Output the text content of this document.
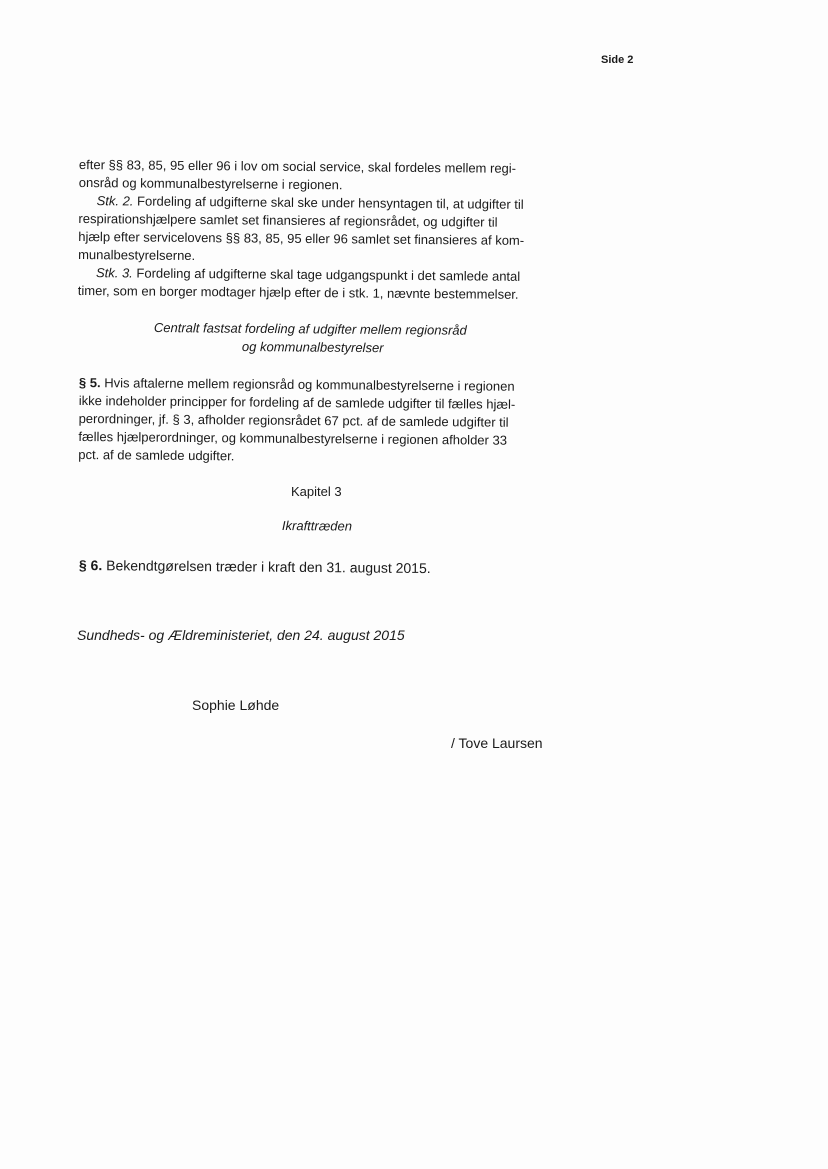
Side 2

efter §§ 83, 85, 95 eller 96 i lov om social service, skal fordeles mellem regi-
onsråd og kommunalbestyrelserne i regionen.

Stk. 2. Fordeling af udgifterne skal ske under hensyntagen til, at udgifter til
respirationshjælpere samlet set finansieres af regionsrådet, og udgifter til
hjælp efter servicelovens §§ 83, 85, 95 eller 96 samlet set finansieres af kom-
munalbestyrelserne.

Stk. 3. Fordeling af udgifterne skal tage udgangspunkt i det samlede antal
timer, som en borger modtager hjælp efter de i stk. 1, nævnte bestemmelser.

Centralt fastsat fordeling af udgifter mellem regionsråd
og kommunalbestyrelser

§ 5. Hvis aftalerne mellem regionsråd og kommunalbestyrelserne i regionen
ikke indeholder principper for fordeling af de samlede udgifter til fælles hjæl-
perordninger, jf. § 3, afholder regionsrådet 67 pct. af de samlede udgifter til
fælles hjælperordninger, og kommunalbestyrelserne i regionen afholder 33
pct. af de samlede udgifter.

Kapitel 3
Ikrafttræden

§ 6. Bekendtgørelsen træder i kraft den 31. august 2015.

Sundheds- og Ældreministeriet, den 24. august 2015
Sophie Løhde
/ Tove Laursen
